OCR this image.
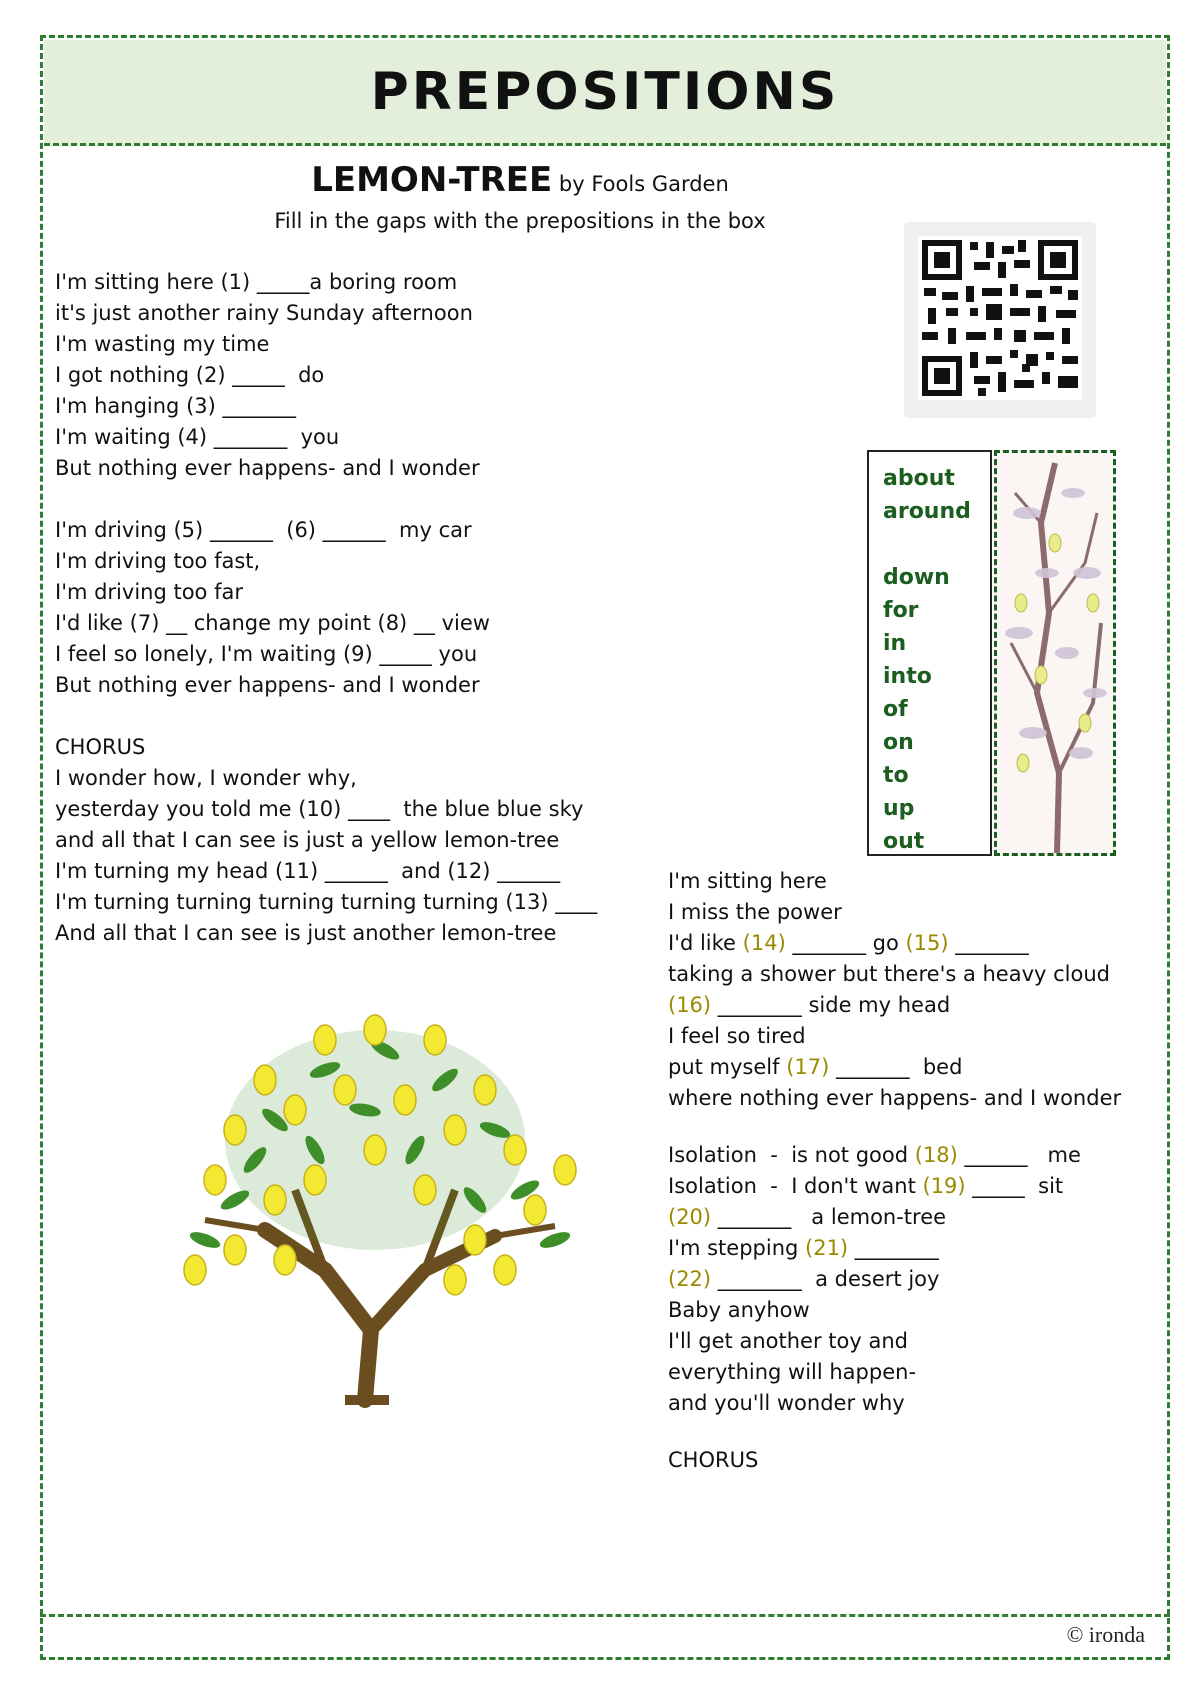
PREPOSITIONS
LEMON-TREE by Fools Garden
Fill in the gaps with the prepositions in the box
about
around
down
for
in
into
of
on
to
up
out
I'm sitting here (1) _____a boring room
it's just another rainy Sunday afternoon
I'm wasting my time
I got nothing (2) _____  do
I'm hanging (3) _______
I'm waiting (4) _______  you
But nothing ever happens- and I wonder
I'm driving (5) ______  (6) ______  my car
I'm driving too fast,
I'm driving too far
I'd like (7) __ change my point (8) __ view
I feel so lonely, I'm waiting (9) _____ you
But nothing ever happens- and I wonder
CHORUS
I wonder how, I wonder why,
yesterday you told me (10) ____  the blue blue sky
and all that I can see is just a yellow lemon-tree
I'm turning my head (11) ______  and (12) ______
I'm turning turning turning turning turning (13) ____
And all that I can see is just another lemon-tree
I'm sitting here
I miss the power
I'd like (14) _______ go (15) _______
taking a shower but there's a heavy cloud
(16) ________ side my head
I feel so tired
put myself (17) _______  bed
where nothing ever happens- and I wonder
Isolation  -  is not good (18) ______   me
Isolation  -  I don't want (19) _____  sit
(20) _______   a lemon-tree
I'm stepping (21) ________
(22) ________  a desert joy
Baby anyhow
I'll get another toy and
everything will happen-
and you'll wonder why
CHORUS
© ironda
